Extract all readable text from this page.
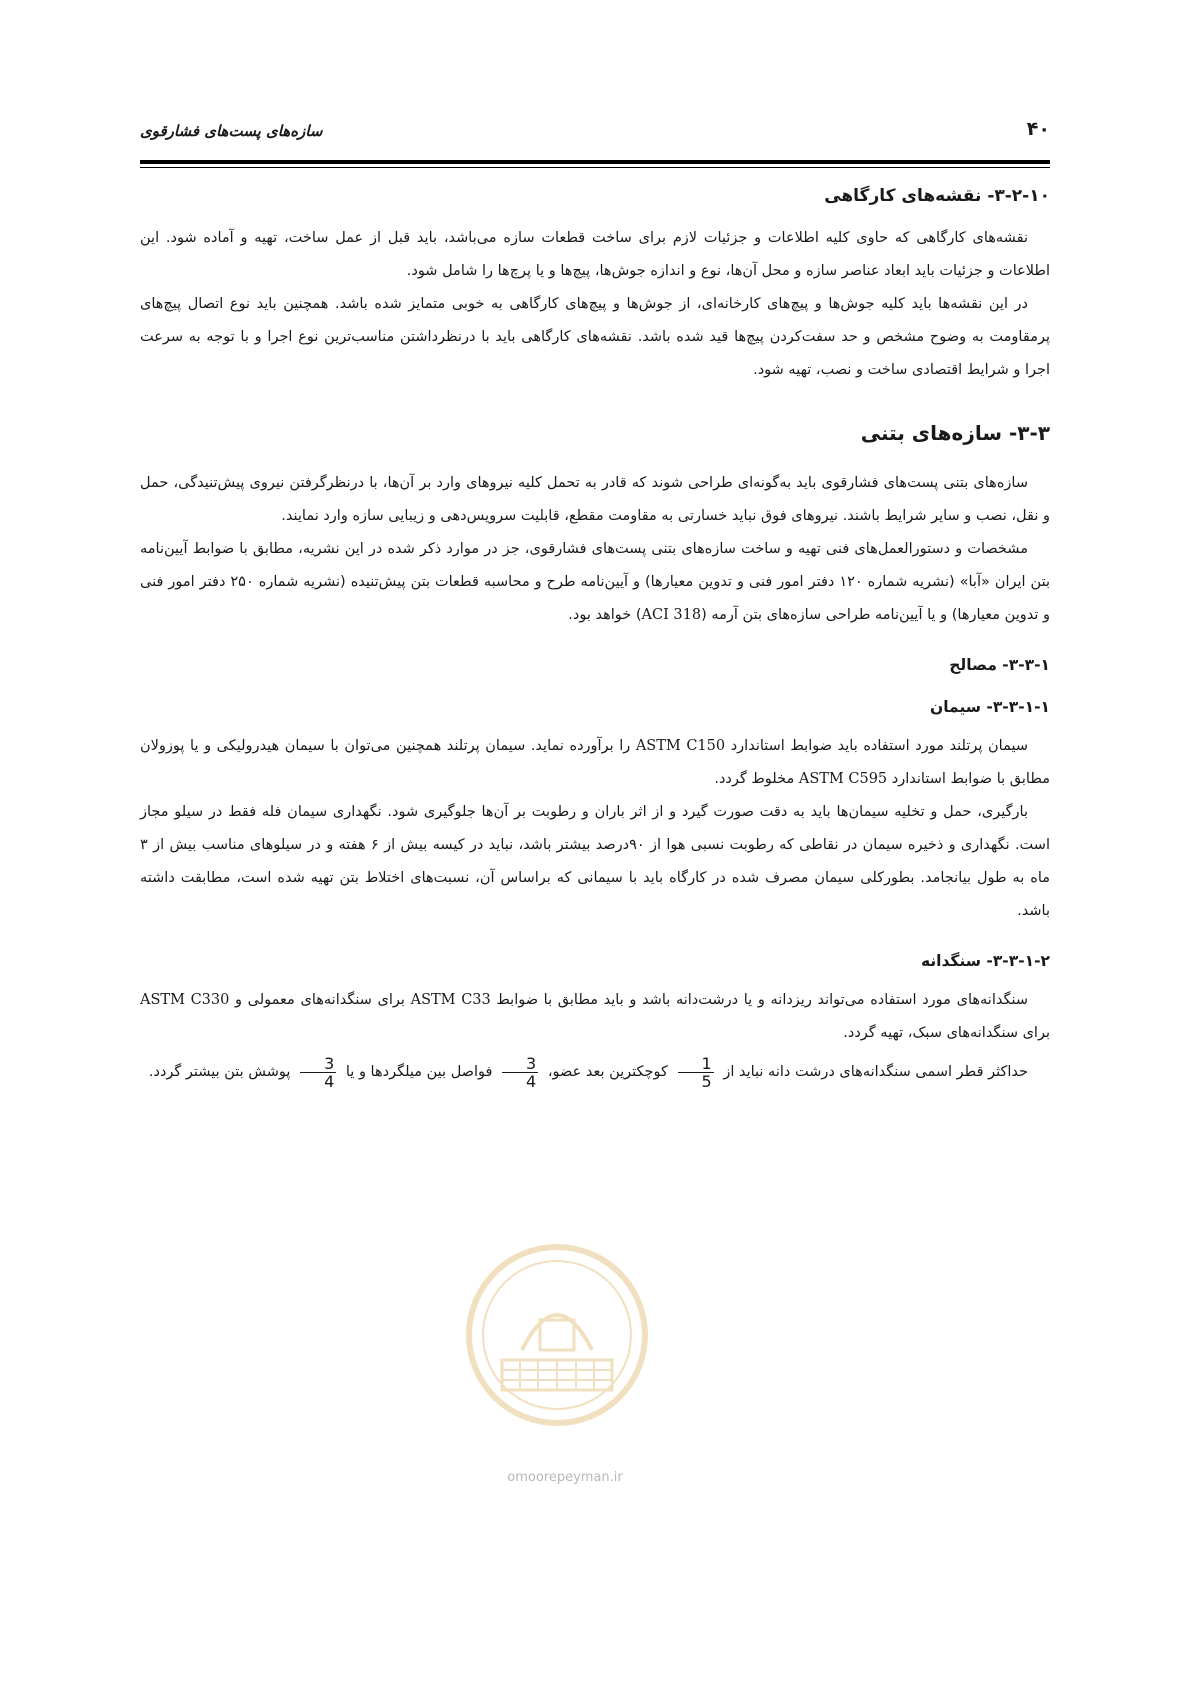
۴۰
سازه‌های پست‌های فشارقوی
۳-۲-۱۰- نقشه‌های کارگاهی

نقشه‌های کارگاهی که حاوی کلیه اطلاعات و جزئیات لازم برای ساخت قطعات سازه می‌باشد، باید قبل از عمل ساخت، تهیه و آماده شود. این اطلاعات و جزئیات باید ابعاد عناصر سازه و محل آن‌ها، نوع و اندازه جوش‌ها، پیچ‌ها و یا پرچ‌ها را شامل شود.

در این نقشه‌ها باید کلیه جوش‌ها و پیچ‌های کارخانه‌ای، از جوش‌ها و پیچ‌های کارگاهی به خوبی متمایز شده باشد. همچنین باید نوع اتصال پیچ‌های پرمقاومت به وضوح مشخص و حد سفت‌کردن پیچ‌ها قید شده باشد. نقشه‌های کارگاهی باید با درنظرداشتن مناسب‌ترین نوع اجرا و با توجه به سرعت اجرا و شرایط اقتصادی ساخت و نصب، تهیه شود.

۳-۳- سازه‌های بتنی

سازه‌های بتنی پست‌های فشارقوی باید به‌گونه‌ای طراحی شوند که قادر به تحمل کلیه نیروهای وارد بر آن‌ها، با درنظرگرفتن نیروی پیش‌تنیدگی، حمل و نقل، نصب و سایر شرایط باشند. نیروهای فوق نباید خسارتی به مقاومت مقطع، قابلیت سرویس‌دهی و زیبایی سازه وارد نمایند.

مشخصات و دستورالعمل‌های فنی تهیه و ساخت سازه‌های بتنی پست‌های فشارقوی، جز در موارد ذکر شده در این نشریه، مطابق با ضوابط آیین‌نامه بتن ایران «آبا» (نشریه شماره ۱۲۰ دفتر امور فنی و تدوین معیارها) و آیین‌نامه طرح و محاسبه قطعات بتن پیش‌تنیده (نشریه شماره ۲۵۰ دفتر امور فنی و تدوین معیارها) و یا آیین‌نامه طراحی سازه‌های بتن آرمه (ACI 318) خواهد بود.

۳-۳-۱- مصالح
۳-۳-۱-۱- سیمان

سیمان پرتلند مورد استفاده باید ضوابط استاندارد ASTM C150 را برآورده نماید. سیمان پرتلند همچنین می‌توان با سیمان هیدرولیکی و یا پوزولان مطابق با ضوابط استاندارد ASTM C595 مخلوط گردد.

بارگیری، حمل و تخلیه سیمان‌ها باید به دقت صورت گیرد و از اثر باران و رطوبت بر آن‌ها جلوگیری شود. نگهداری سیمان فله فقط در سیلو مجاز است. نگهداری و ذخیره سیمان در نقاطی که رطوبت نسبی هوا از ۹۰درصد بیشتر باشد، نباید در کیسه بیش از ۶ هفته و در سیلوهای مناسب بیش از ۳ ماه به طول بیانجامد. بطورکلی سیمان مصرف شده در کارگاه باید با سیمانی که براساس آن، نسبت‌های اختلاط بتن تهیه شده است، مطابقت داشته باشد.

۳-۳-۱-۲- سنگدانه

سنگدانه‌های مورد استفاده می‌تواند ریزدانه و یا درشت‌دانه باشد و باید مطابق با ضوابط ASTM C33 برای سنگدانه‌های معمولی و ASTM C330 برای سنگدانه‌های سبک، تهیه گردد.

حداکثر قطر اسمی سنگدانه‌های درشت دانه نباید از
$\frac{1}{5}$
کوچکترین بعد عضو،
$\frac{3}{4}$
فواصل بین میلگردها و یا
$\frac{3}{4}$
پوشش بتن بیشتر گردد.

omoorepeyman.ir
